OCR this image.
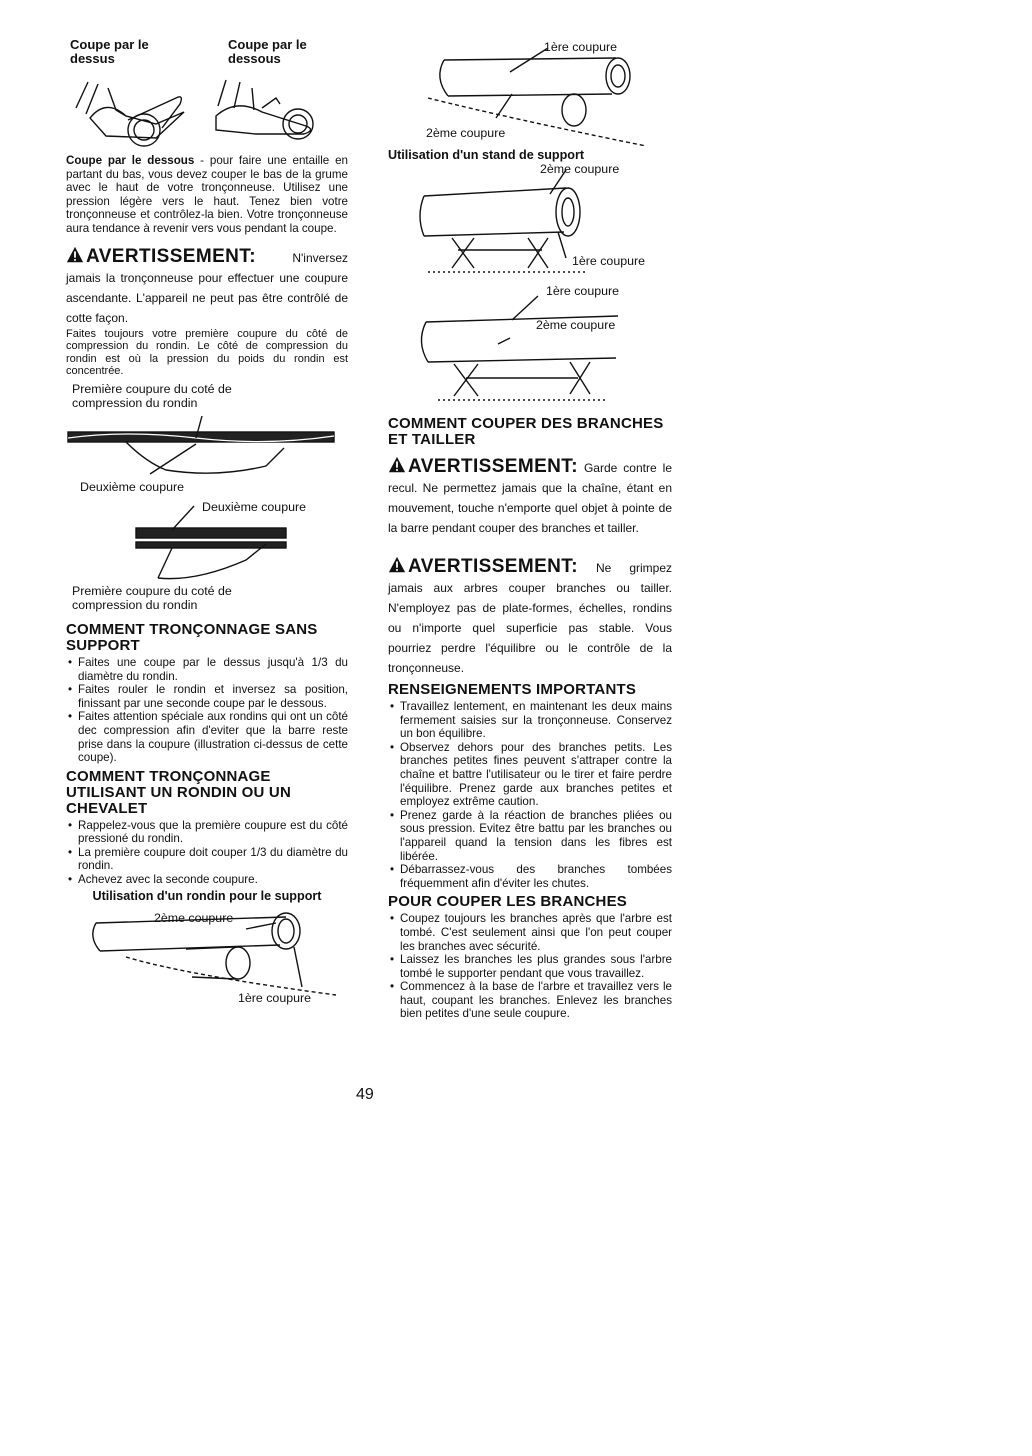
Coupe par le dessus
Coupe par le dessous

Coupe par le dessous - pour faire une entaille en partant du bas, vous devez couper le bas de la grume avec le haut de votre tronçonneuse. Utilisez une pression légère vers le haut. Tenez bien votre tronçonneuse et contrôlez-la bien. Votre tronçonneuse aura tendance à revenir vers vous pendant la coupe.

AVERTISSEMENT: N'inversez jamais la tronçonneuse pour effectuer une coupure ascendante. L'appareil ne peut pas être contrôlé de cotte façon.

Faites toujours votre première coupure du côté de compression du rondin. Le côté de compression du rondin est où la pression du poids du rondin est concentrée.

Première coupure du coté de compression du rondin
Deuxième coupure
Deuxième coupure
Première coupure du coté de compression du rondin
COMMENT TRONÇONNAGE SANS SUPPORT
• Faites une coupe par le dessus jusqu'à 1/3 du diamètre du rondin.
• Faites rouler le rondin et inversez sa position, finissant par une seconde coupe par le dessous.
• Faites attention spéciale aux rondins qui ont un côté dec compression afin d'eviter que la barre reste prise dans la coupure (illustration ci-dessus de cette coupe).
COMMENT TRONÇONNAGE UTILISANT UN RONDIN OU UN CHEVALET
• Rappelez-vous que la première coupure est du côté pressioné du rondin.
• La première coupure doit couper 1/3 du diamètre du rondin.
• Achevez avec la seconde coupure.
Utilisation d'un rondin pour le support
2ème coupure
1ère coupure
1ère coupure
2ème coupure
Utilisation d'un stand de support
2ème coupure
1ère coupure
1ère coupure
2ème coupure
COMMENT COUPER DES BRANCHES ET TAILLER

AVERTISSEMENT: Garde contre le recul. Ne permettez jamais que la chaîne, étant en mouvement, touche n'emporte quel objet à pointe de la barre pendant couper des branches et tailler.

AVERTISSEMENT: Ne grimpez jamais aux arbres couper branches ou tailler. N'employez pas de plate-formes, échelles, rondins ou n'importe quel superficie pas stable. Vous pourriez perdre l'équilibre ou le contrôle de la tronçonneuse.

RENSEIGNEMENTS IMPORTANTS
• Travaillez lentement, en maintenant les deux mains fermement saisies sur la tronçonneuse. Conservez un bon équilibre.
• Observez dehors pour des branches petits. Les branches petites fines peuvent s'attraper contre la chaîne et battre l'utilisateur ou le tirer et faire perdre l'équilibre. Prenez garde aux branches petites et employez extrême caution.
• Prenez garde à la réaction de branches pliées ou sous pression. Evitez être battu par les branches ou l'appareil quand la tension dans les fibres est libérée.
• Débarrassez-vous des branches tombées fréquemment afin d'éviter les chutes.
POUR COUPER LES BRANCHES
• Coupez toujours les branches après que l'arbre est tombé. C'est seulement ainsi que l'on peut couper les branches avec sécurité.
• Laissez les branches les plus grandes sous l'arbre tombé le supporter pendant que vous travaillez.
• Commencez à la base de l'arbre et travaillez vers le haut, coupant les branches. Enlevez les branches bien petites d'une seule coupure.
49
